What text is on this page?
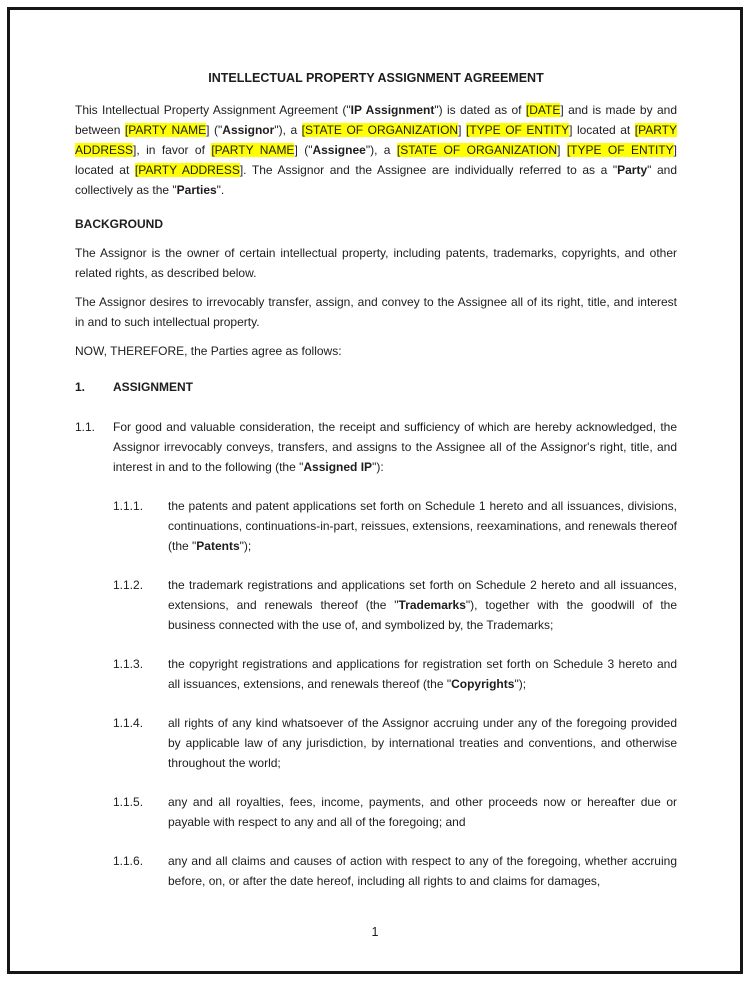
INTELLECTUAL PROPERTY ASSIGNMENT AGREEMENT
This Intellectual Property Assignment Agreement ("IP Assignment") is dated as of [DATE] and is made by and between [PARTY NAME] ("Assignor"), a [STATE OF ORGANIZATION] [TYPE OF ENTITY] located at [PARTY ADDRESS], in favor of [PARTY NAME] ("Assignee"), a [STATE OF ORGANIZATION] [TYPE OF ENTITY] located at [PARTY ADDRESS]. The Assignor and the Assignee are individually referred to as a "Party" and collectively as the "Parties".
BACKGROUND
The Assignor is the owner of certain intellectual property, including patents, trademarks, copyrights, and other related rights, as described below.
The Assignor desires to irrevocably transfer, assign, and convey to the Assignee all of its right, title, and interest in and to such intellectual property.
NOW, THEREFORE, the Parties agree as follows:
1.	ASSIGNMENT
1.1.	For good and valuable consideration, the receipt and sufficiency of which are hereby acknowledged, the Assignor irrevocably conveys, transfers, and assigns to the Assignee all of the Assignor's right, title, and interest in and to the following (the "Assigned IP"):
1.1.1.	the patents and patent applications set forth on Schedule 1 hereto and all issuances, divisions, continuations, continuations-in-part, reissues, extensions, reexaminations, and renewals thereof (the "Patents");
1.1.2.	the trademark registrations and applications set forth on Schedule 2 hereto and all issuances, extensions, and renewals thereof (the "Trademarks"), together with the goodwill of the business connected with the use of, and symbolized by, the Trademarks;
1.1.3.	the copyright registrations and applications for registration set forth on Schedule 3 hereto and all issuances, extensions, and renewals thereof (the "Copyrights");
1.1.4.	all rights of any kind whatsoever of the Assignor accruing under any of the foregoing provided by applicable law of any jurisdiction, by international treaties and conventions, and otherwise throughout the world;
1.1.5.	any and all royalties, fees, income, payments, and other proceeds now or hereafter due or payable with respect to any and all of the foregoing; and
1.1.6.	any and all claims and causes of action with respect to any of the foregoing, whether accruing before, on, or after the date hereof, including all rights to and claims for damages,
1
